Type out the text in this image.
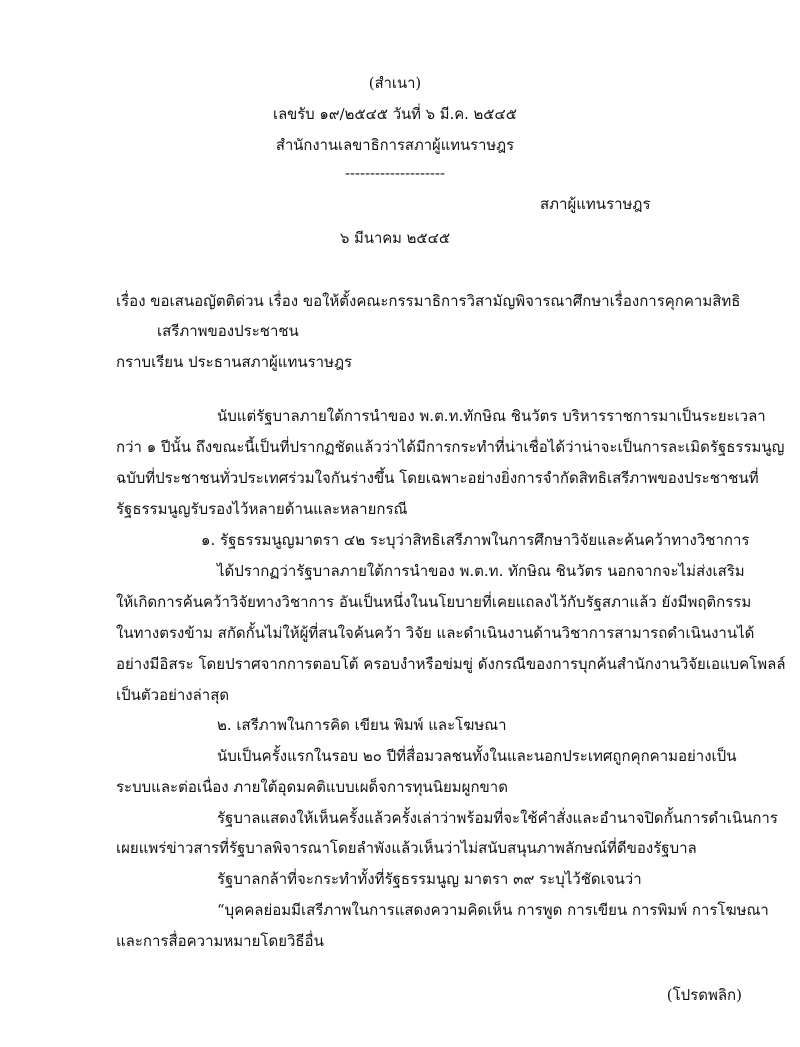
(สำเนา)
เลขรับ ๑๙/๒๕๔๕ วันที่ ๖ มี.ค. ๒๕๔๕
สำนักงานเลขาธิการสภาผู้แทนราษฎร
--------------------
สภาผู้แทนราษฎร
๖ มีนาคม ๒๕๔๕
เรื่อง ขอเสนอญัตติด่วน เรื่อง ขอให้ตั้งคณะกรรมาธิการวิสามัญพิจารณาศึกษาเรื่องการคุกคามสิทธิ
เสรีภาพของประชาชน
กราบเรียน ประธานสภาผู้แทนราษฎร
นับแต่รัฐบาลภายใต้การนำของ พ.ต.ท.ทักษิณ ชินวัตร บริหารราชการมาเป็นระยะเวลา
กว่า ๑ ปีนั้น ถึงขณะนี้เป็นที่ปรากฏชัดแล้วว่าได้มีการกระทำที่น่าเชื่อได้ว่าน่าจะเป็นการละเมิดรัฐธรรมนูญ
ฉบับที่ประชาชนทั่วประเทศร่วมใจกันร่างขึ้น โดยเฉพาะอย่างยิ่งการจำกัดสิทธิเสรีภาพของประชาชนที่
รัฐธรรมนูญรับรองไว้หลายด้านและหลายกรณี
๑. รัฐธรรมนูญมาตรา ๔๒ ระบุว่าสิทธิเสรีภาพในการศึกษาวิจัยและค้นคว้าทางวิชาการ
ได้ปรากฏว่ารัฐบาลภายใต้การนำของ พ.ต.ท. ทักษิณ ชินวัตร นอกจากจะไม่ส่งเสริม
ให้เกิดการค้นคว้าวิจัยทางวิชาการ อันเป็นหนึ่งในนโยบายที่เคยแถลงไว้กับรัฐสภาแล้ว ยังมีพฤติกรรม
ในทางตรงข้าม สกัดกั้นไม่ให้ผู้ที่สนใจค้นคว้า วิจัย และดำเนินงานด้านวิชาการสามารถดำเนินงานได้
อย่างมีอิสระ โดยปราศจากการตอบโต้ ครอบงำหรือข่มขู่ ดังกรณีของการบุกค้นสำนักงานวิจัยเอแบคโพลล์
เป็นตัวอย่างล่าสุด
๒. เสรีภาพในการคิด เขียน พิมพ์ และโฆษณา
นับเป็นครั้งแรกในรอบ ๒๐ ปีที่สื่อมวลชนทั้งในและนอกประเทศถูกคุกคามอย่างเป็น
ระบบและต่อเนื่อง ภายใต้อุดมคติแบบเผด็จการทุนนิยมผูกขาด
รัฐบาลแสดงให้เห็นครั้งแล้วครั้งเล่าว่าพร้อมที่จะใช้คำสั่งและอำนาจปิดกั้นการดำเนินการ
เผยแพร่ข่าวสารที่รัฐบาลพิจารณาโดยลำพังแล้วเห็นว่าไม่สนับสนุนภาพลักษณ์ที่ดีของรัฐบาล
รัฐบาลกล้าที่จะกระทำทั้งที่รัฐธรรมนูญ มาตรา ๓๙ ระบุไว้ชัดเจนว่า
“บุคคลย่อมมีเสรีภาพในการแสดงความคิดเห็น การพูด การเขียน การพิมพ์ การโฆษณา
และการสื่อความหมายโดยวิธีอื่น
(โปรดพลิก)
